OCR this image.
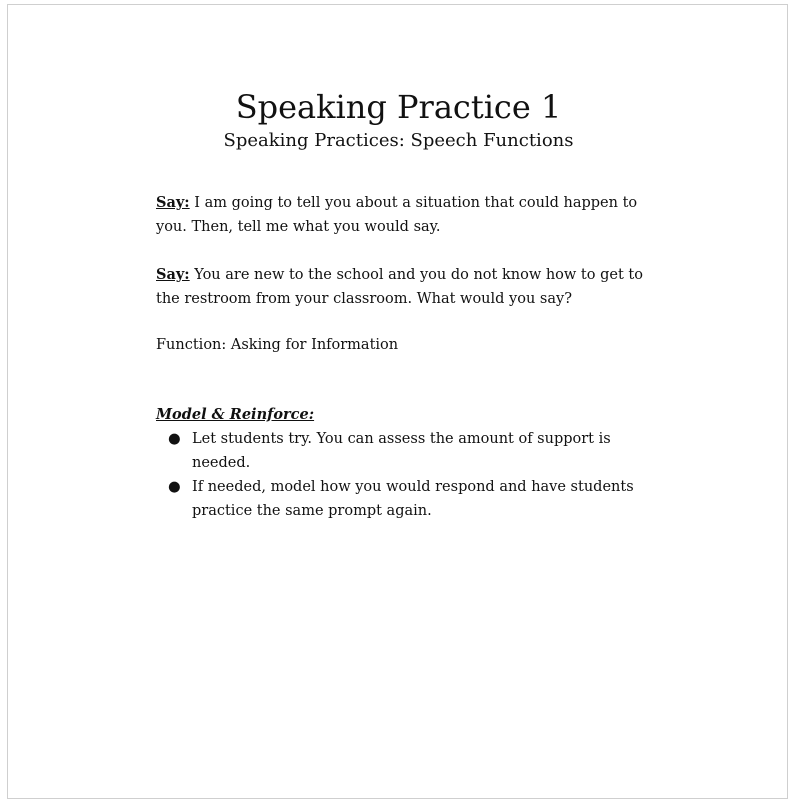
Speaking Practice 1
Speaking Practices: Speech Functions

Say: I am going to tell you about a situation that could happen to you. Then, tell me what you would say.

Say: You are new to the school and you do not know how to get to the restroom from your classroom. What would you say?

Function: Asking for Information

Model & Reinforce:

● Let students try. You can assess the amount of support is needed.
● If needed, model how you would respond and have students practice the same prompt again.
